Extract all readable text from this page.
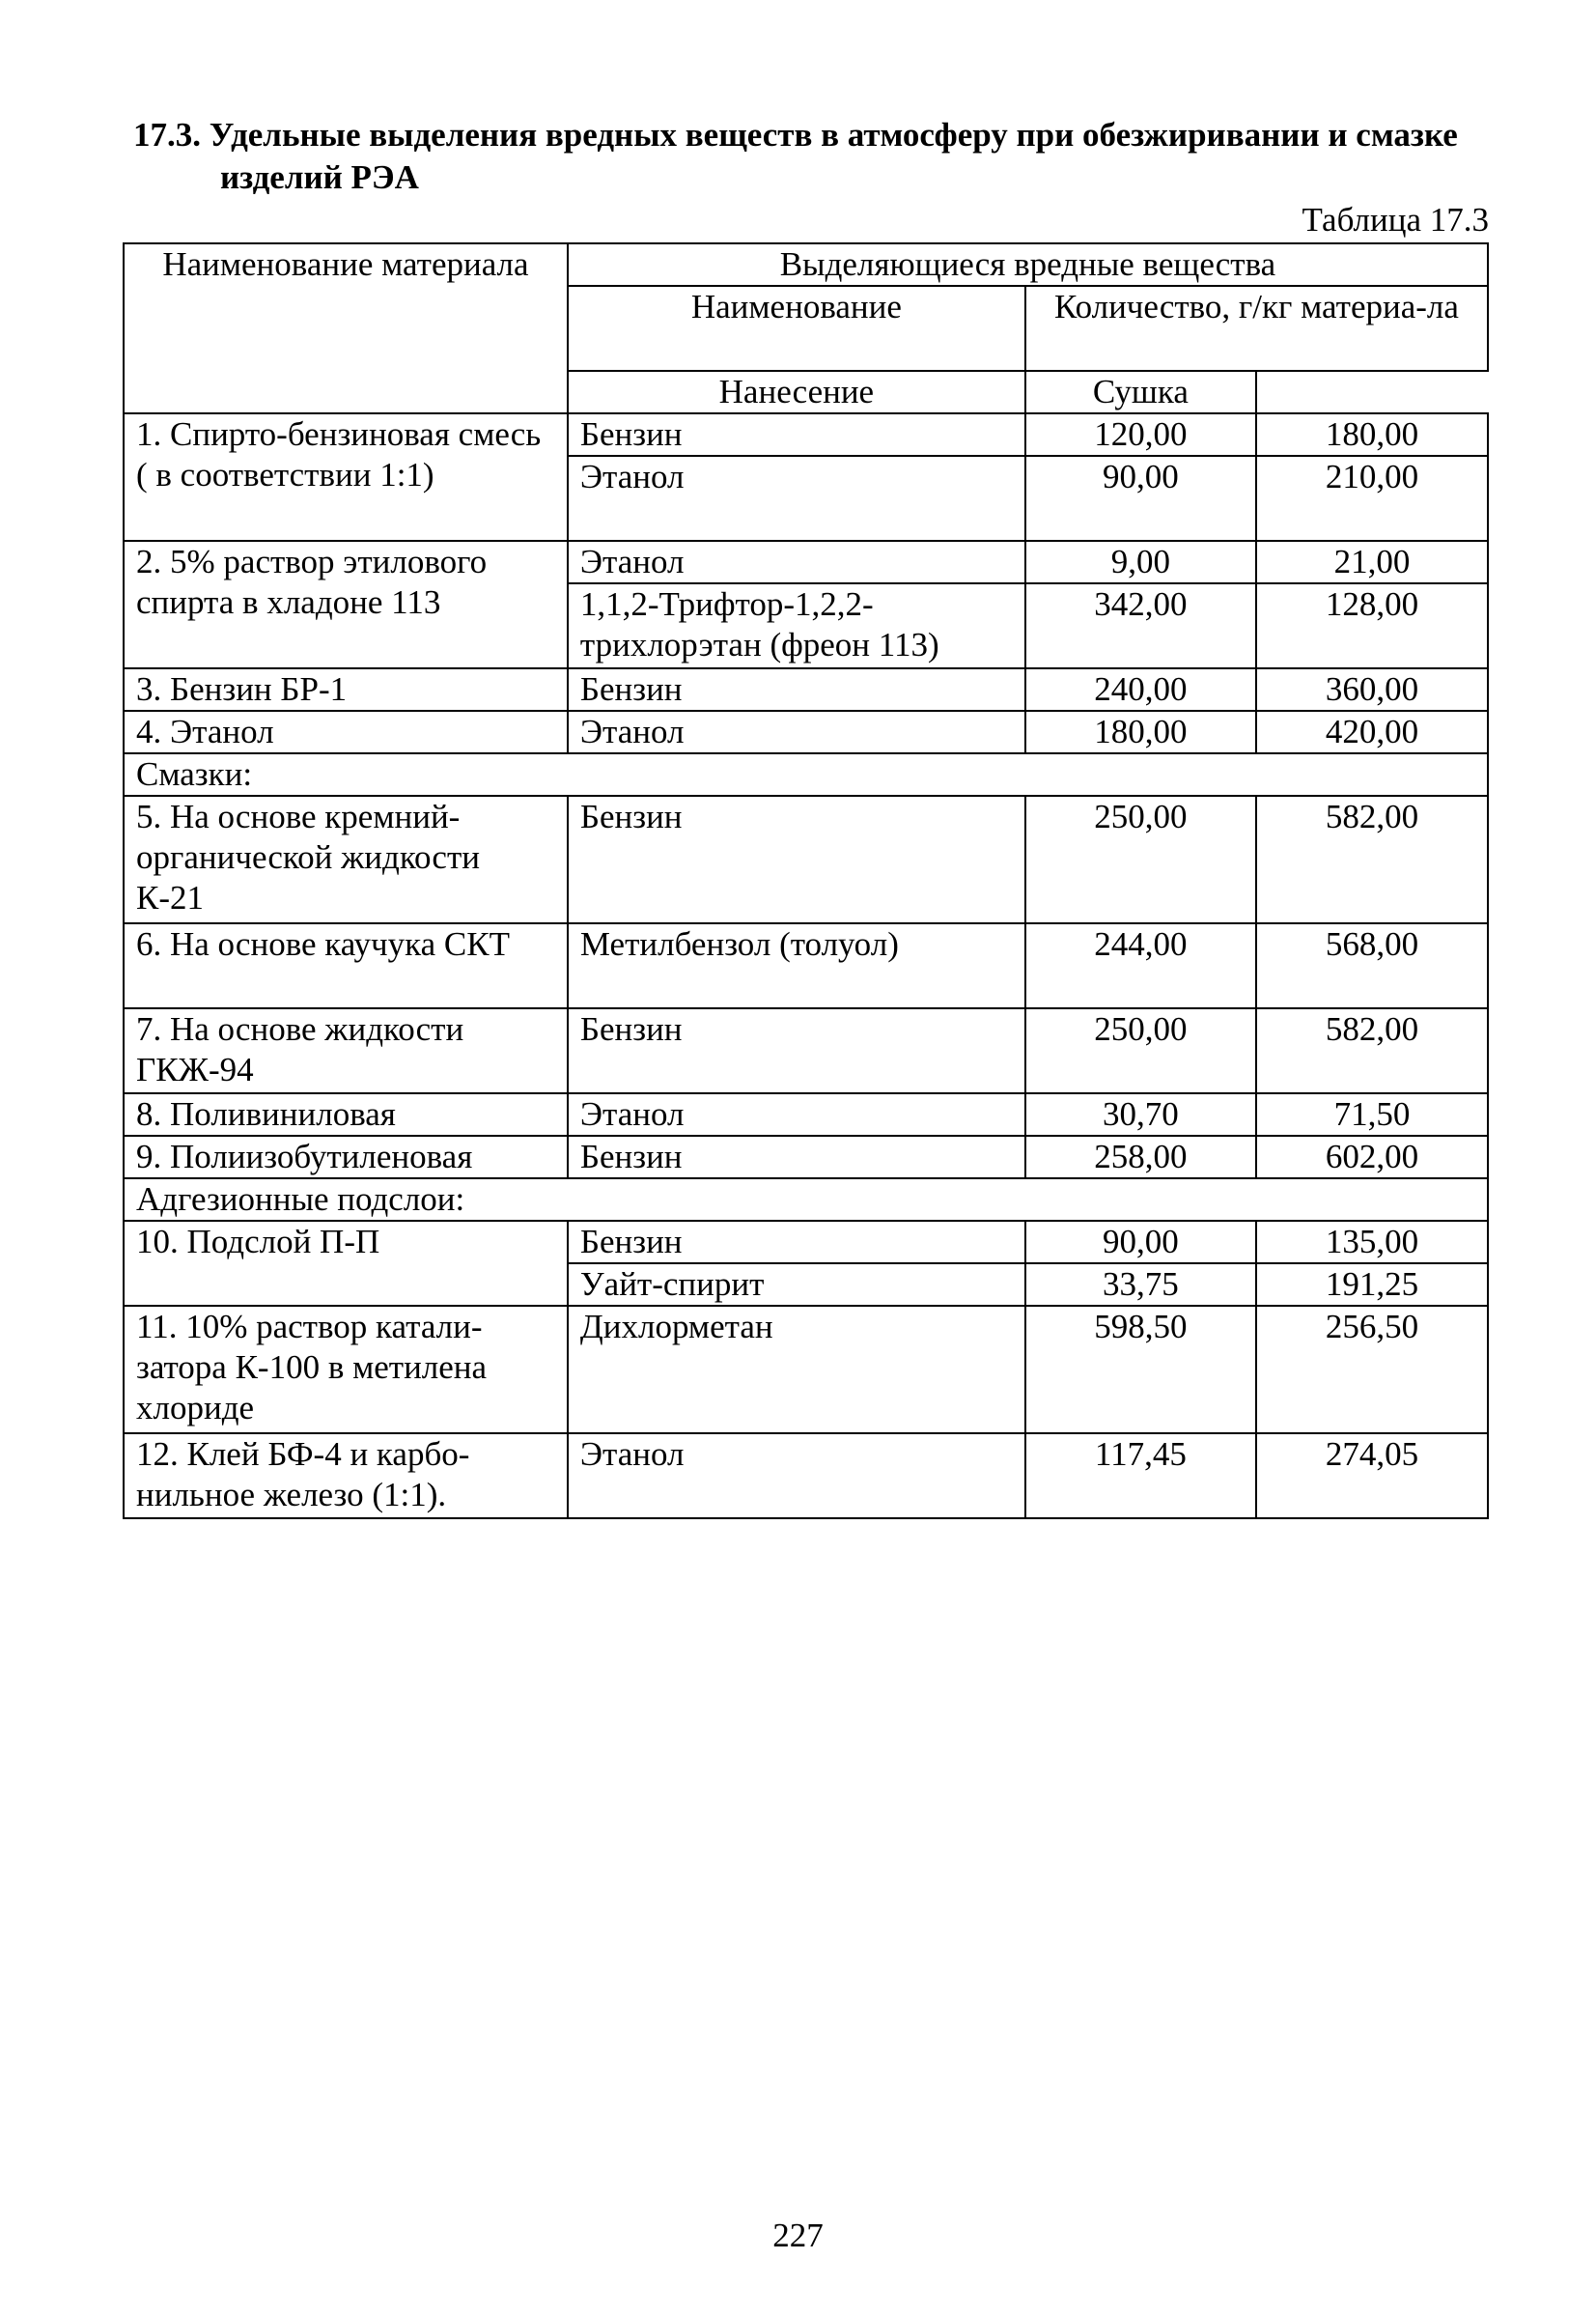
17.3. Удельные выделения вредных веществ в атмосферу при обезжиривании и смазке изделий РЭА
Таблица 17.3
Наименование материала	Выделяющиеся вредные вещества		
	Наименование	Количество, г/кг материа-ла	
	Нанесение	Сушка	
1. Спирто-бензиновая смесь ( в соответствии 1:1)	Бензин	120,00	180,00
	Этанол	90,00	210,00
2. 5% раствор этилового спирта в хладоне 113	Этанол	9,00	21,00
	1,1,2-Трифтор-1,2,2-трихлорэтан (фреон 113)	342,00	128,00
3. Бензин БР-1	Бензин	240,00	360,00
4. Этанол	Этанол	180,00	420,00
Смазки:			
5. На основе кремний-органической жидкости К-21	Бензин	250,00	582,00
6. На основе каучука СКТ	Метилбензол (толуол)	244,00	568,00
7. На основе жидкости ГКЖ-94	Бензин	250,00	582,00
8. Поливиниловая	Этанол	30,70	71,50
9. Полиизобутиленовая	Бензин	258,00	602,00
Адгезионные подслои:			
10. Подслой П-П	Бензин	90,00	135,00
	Уайт-спирит	33,75	191,25
11. 10% раствор катали-затора К-100 в метилена хлориде	Дихлорметан	598,50	256,50
12. Клей БФ-4 и карбо-нильное железо (1:1).	Этанол	117,45	274,05
227
